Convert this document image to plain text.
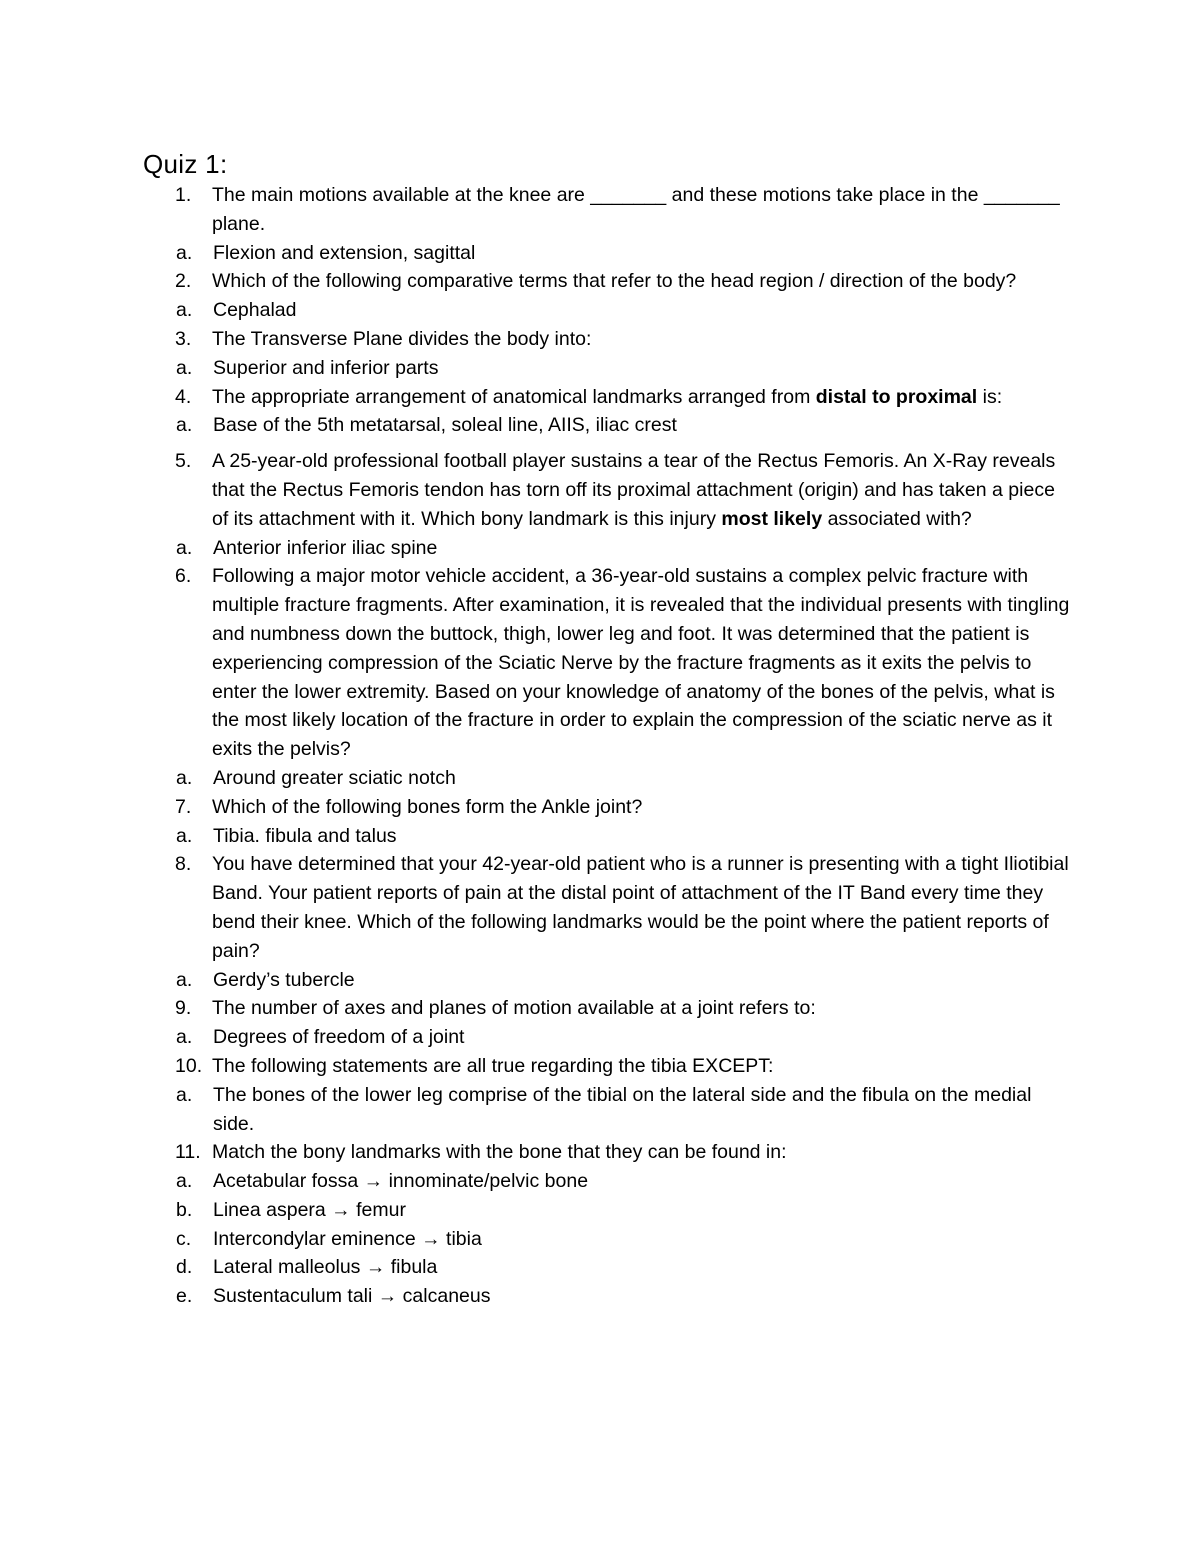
Quiz 1:
1. The main motions available at the knee are _______ and these motions take place in the _______ plane.
a. Flexion and extension, sagittal
2. Which of the following comparative terms that refer to the head region / direction of the body?
a. Cephalad
3. The Transverse Plane divides the body into:
a. Superior and inferior parts
4. The appropriate arrangement of anatomical landmarks arranged from distal to proximal is:
a. Base of the 5th metatarsal, soleal line, AIIS, iliac crest
5. A 25-year-old professional football player sustains a tear of the Rectus Femoris. An X-Ray reveals that the Rectus Femoris tendon has torn off its proximal attachment (origin) and has taken a piece of its attachment with it. Which bony landmark is this injury most likely associated with?
a. Anterior inferior iliac spine
6. Following a major motor vehicle accident, a 36-year-old sustains a complex pelvic fracture with multiple fracture fragments. After examination, it is revealed that the individual presents with tingling and numbness down the buttock, thigh, lower leg and foot. It was determined that the patient is experiencing compression of the Sciatic Nerve by the fracture fragments as it exits the pelvis to enter the lower extremity. Based on your knowledge of anatomy of the bones of the pelvis, what is the most likely location of the fracture in order to explain the compression of the sciatic nerve as it exits the pelvis?
a. Around greater sciatic notch
7. Which of the following bones form the Ankle joint?
a. Tibia. fibula and talus
8. You have determined that your 42-year-old patient who is a runner is presenting with a tight Iliotibial Band. Your patient reports of pain at the distal point of attachment of the IT Band every time they bend their knee. Which of the following landmarks would be the point where the patient reports of pain?
a. Gerdy’s tubercle
9. The number of axes and planes of motion available at a joint refers to:
a. Degrees of freedom of a joint
10. The following statements are all true regarding the tibia EXCEPT:
a. The bones of the lower leg comprise of the tibial on the lateral side and the fibula on the medial side.
11. Match the bony landmarks with the bone that they can be found in:
a. Acetabular fossa → innominate/pelvic bone
b. Linea aspera → femur
c. Intercondylar eminence → tibia
d. Lateral malleolus → fibula
e. Sustentaculum tali → calcaneus
